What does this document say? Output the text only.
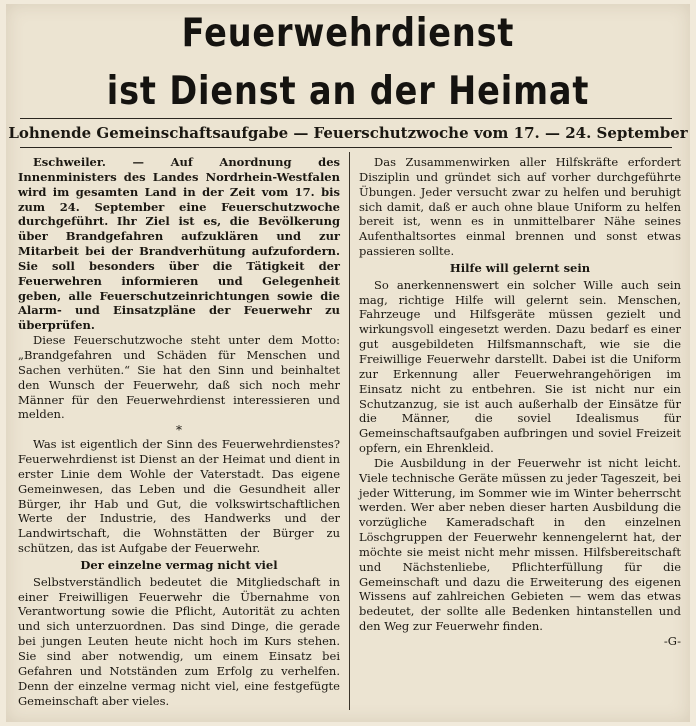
Feuerwehrdienst
ist Dienst an der Heimat
Lohnende Gemeinschaftsaufgabe — Feuerschutzwoche vom 17. — 24. September

Eschweiler. — Auf Anordnung des Innenministers des Landes Nordrhein-Westfalen wird im gesamten Land in der Zeit vom 17. bis zum 24. September eine Feuerschutzwoche durchgeführt. Ihr Ziel ist es, die Bevölkerung über Brandgefahren aufzuklären und zur Mitarbeit bei der Brandverhütung aufzufordern. Sie soll besonders über die Tätigkeit der Feuerwehren informieren und Gelegenheit geben, alle Feuerschutzeinrichtungen sowie die Alarm- und Einsatzpläne der Feuerwehr zu überprüfen.

Diese Feuerschutzwoche steht unter dem Motto: „Brandgefahren und Schäden für Menschen und Sachen verhüten.“ Sie hat den Sinn und beinhaltet den Wunsch der Feuerwehr, daß sich noch mehr Männer für den Feuerwehrdienst interessieren und melden.

*

Was ist eigentlich der Sinn des Feuerwehrdienstes? Feuerwehrdienst ist Dienst an der Heimat und dient in erster Linie dem Wohle der Vaterstadt. Das eigene Gemeinwesen, das Leben und die Gesundheit aller Bürger, ihr Hab und Gut, die volkswirtschaftlichen Werte der Industrie, des Handwerks und der Landwirtschaft, die Wohnstätten der Bürger zu schützen, das ist Aufgabe der Feuerwehr.

Der einzelne vermag nicht viel

Selbstverständlich bedeutet die Mitgliedschaft in einer Freiwilligen Feuerwehr die Übernahme von Verantwortung sowie die Pflicht, Autorität zu achten und sich unterzuordnen. Das sind Dinge, die gerade bei jungen Leuten heute nicht hoch im Kurs stehen. Sie sind aber notwendig, um einem Einsatz bei Gefahren und Notständen zum Erfolg zu verhelfen. Denn der einzelne vermag nicht viel, eine festgefügte Gemeinschaft aber vieles.

Das Zusammenwirken aller Hilfskräfte erfordert Disziplin und gründet sich auf vorher durchgeführte Übungen. Jeder versucht zwar zu helfen und beruhigt sich damit, daß er auch ohne blaue Uniform zu helfen bereit ist, wenn es in unmittelbarer Nähe seines Aufenthaltsortes einmal brennen und sonst etwas passieren sollte.

Hilfe will gelernt sein

So anerkennenswert ein solcher Wille auch sein mag, richtige Hilfe will gelernt sein. Menschen, Fahrzeuge und Hilfsgeräte müssen gezielt und wirkungsvoll eingesetzt werden. Dazu bedarf es einer gut ausgebildeten Hilfsmannschaft, wie sie die Freiwillige Feuerwehr darstellt. Dabei ist die Uniform zur Erkennung aller Feuerwehrangehörigen im Einsatz nicht zu entbehren. Sie ist nicht nur ein Schutzanzug, sie ist auch außerhalb der Einsätze für die Männer, die soviel Idealismus für Gemeinschaftsaufgaben aufbringen und soviel Freizeit opfern, ein Ehrenkleid.

Die Ausbildung in der Feuerwehr ist nicht leicht. Viele technische Geräte müssen zu jeder Tageszeit, bei jeder Witterung, im Sommer wie im Winter beherrscht werden. Wer aber neben dieser harten Ausbildung die vorzügliche Kameradschaft in den einzelnen Löschgruppen der Feuerwehr kennengelernt hat, der möchte sie meist nicht mehr missen. Hilfsbereitschaft und Nächstenliebe, Pflichterfüllung für die Gemeinschaft und dazu die Erweiterung des eigenen Wissens auf zahlreichen Gebieten — wem das etwas bedeutet, der sollte alle Bedenken hintanstellen und den Weg zur Feuerwehr finden.

-G-
